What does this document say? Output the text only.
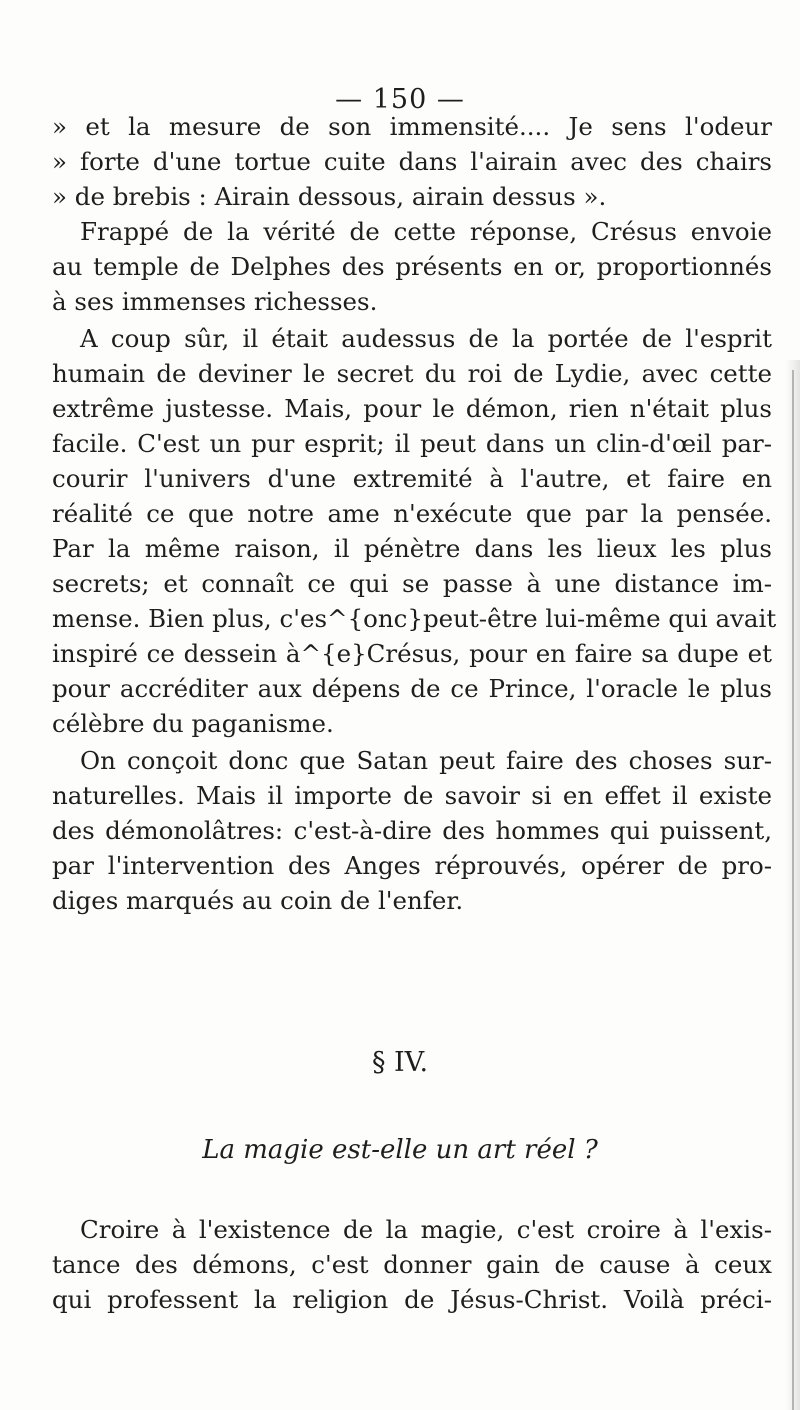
— 150 —
» et la mesure de son immensité.... Je sens l'odeur
» forte d'une tortue cuite dans l'airain avec des chairs
» de brebis : Airain dessous, airain dessus ».
Frappé de la vérité de cette réponse, Crésus envoie
au temple de Delphes des présents en or, proportionnés
à ses immenses richesses.
A coup sûr, il était audessus de la portée de l'esprit
humain de deviner le secret du roi de Lydie, avec cette
extrême justesse. Mais, pour le démon, rien n'était plus
facile. C'est un pur esprit; il peut dans un clin-d'œil par-
courir l'univers d'une extremité à l'autre, et faire en
réalité ce que notre ame n'exécute que par la pensée.
Par la même raison, il pénètre dans les lieux les plus
secrets; et connaît ce qui se passe à une distance im-
mense. Bien plus, c'es^{onc}peut-être lui-même qui avait
inspiré ce dessein à^{e}Crésus, pour en faire sa dupe et
pour accréditer aux dépens de ce Prince, l'oracle le plus
célèbre du paganisme.
On conçoit donc que Satan peut faire des choses sur-
naturelles. Mais il importe de savoir si en effet il existe
des démonolâtres: c'est-à-dire des hommes qui puissent,
par l'intervention des Anges réprouvés, opérer de pro-
diges marqués au coin de l'enfer.
§ IV.
La magie est-elle un art réel ?
Croire à l'existence de la magie, c'est croire à l'exis-
tance des démons, c'est donner gain de cause à ceux
qui professent la religion de Jésus-Christ. Voilà préci-
